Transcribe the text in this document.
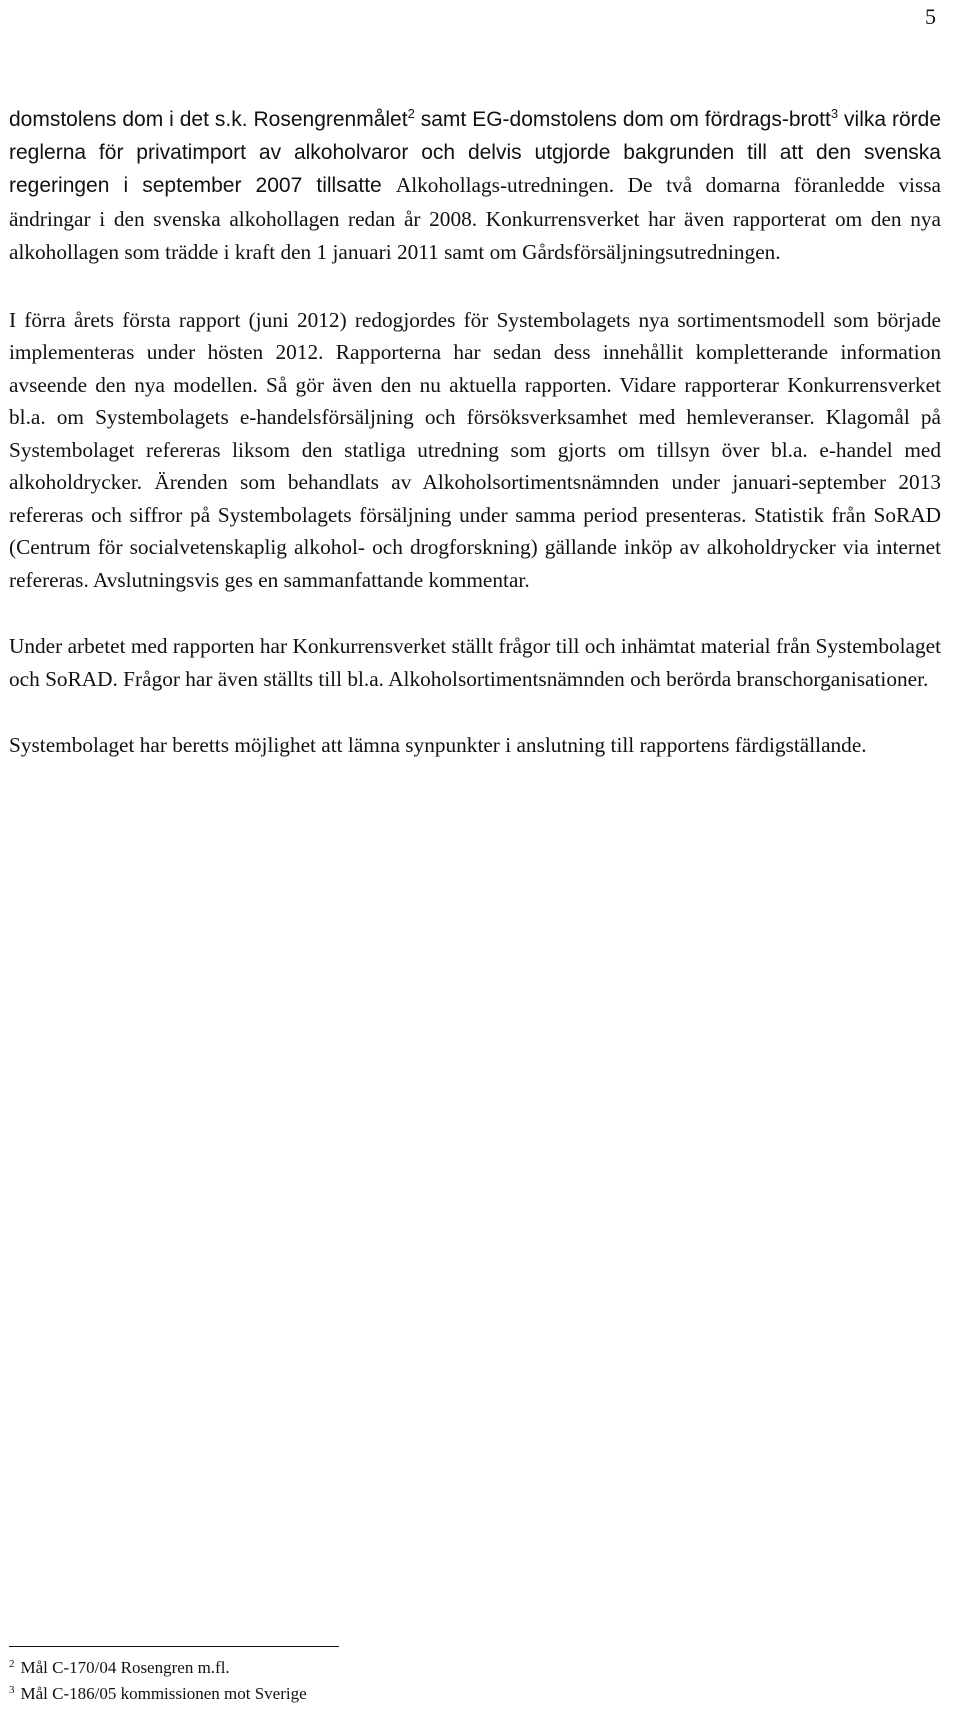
5

domstolens dom i det s.k. Rosengrenmålet$^2$ samt EG-domstolens dom om fördrags-brott$^3$ vilka rörde reglerna för privatimport av alkoholvaror och delvis utgjorde bakgrunden till att den svenska regeringen i september 2007 tillsatte Alkohollags-utredningen. De två domarna föranledde vissa ändringar i den svenska alkohollagen redan år 2008. Konkurrensverket har även rapporterat om den nya alkohollagen som trädde i kraft den 1 januari 2011 samt om Gårdsförsäljningsutredningen.

I förra årets första rapport (juni 2012) redogjordes för Systembolagets nya sortimentsmodell som började implementeras under hösten 2012. Rapporterna har sedan dess innehållit kompletterande information avseende den nya modellen. Så gör även den nu aktuella rapporten. Vidare rapporterar Konkurrensverket bl.a. om Systembolagets e-handelsförsäljning och försöksverksamhet med hemleveranser. Klagomål på Systembolaget refereras liksom den statliga utredning som gjorts om tillsyn över bl.a. e-handel med alkoholdrycker. Ärenden som behandlats av Alkoholsortimentsnämnden under januari-september 2013 refereras och siffror på Systembolagets försäljning under samma period presenteras. Statistik från SoRAD (Centrum för socialvetenskaplig alkohol- och drogforskning) gällande inköp av alkoholdrycker via internet refereras. Avslutningsvis ges en sammanfattande kommentar.

Under arbetet med rapporten har Konkurrensverket ställt frågor till och inhämtat material från Systembolaget och SoRAD. Frågor har även ställts till bl.a. Alkoholsortimentsnämnden och berörda branschorganisationer.

Systembolaget har beretts möjlighet att lämna synpunkter i anslutning till rapportens färdigställande.

$^2$ Mål C-170/04 Rosengren m.fl.
$^3$ Mål C-186/05 kommissionen mot Sverige
